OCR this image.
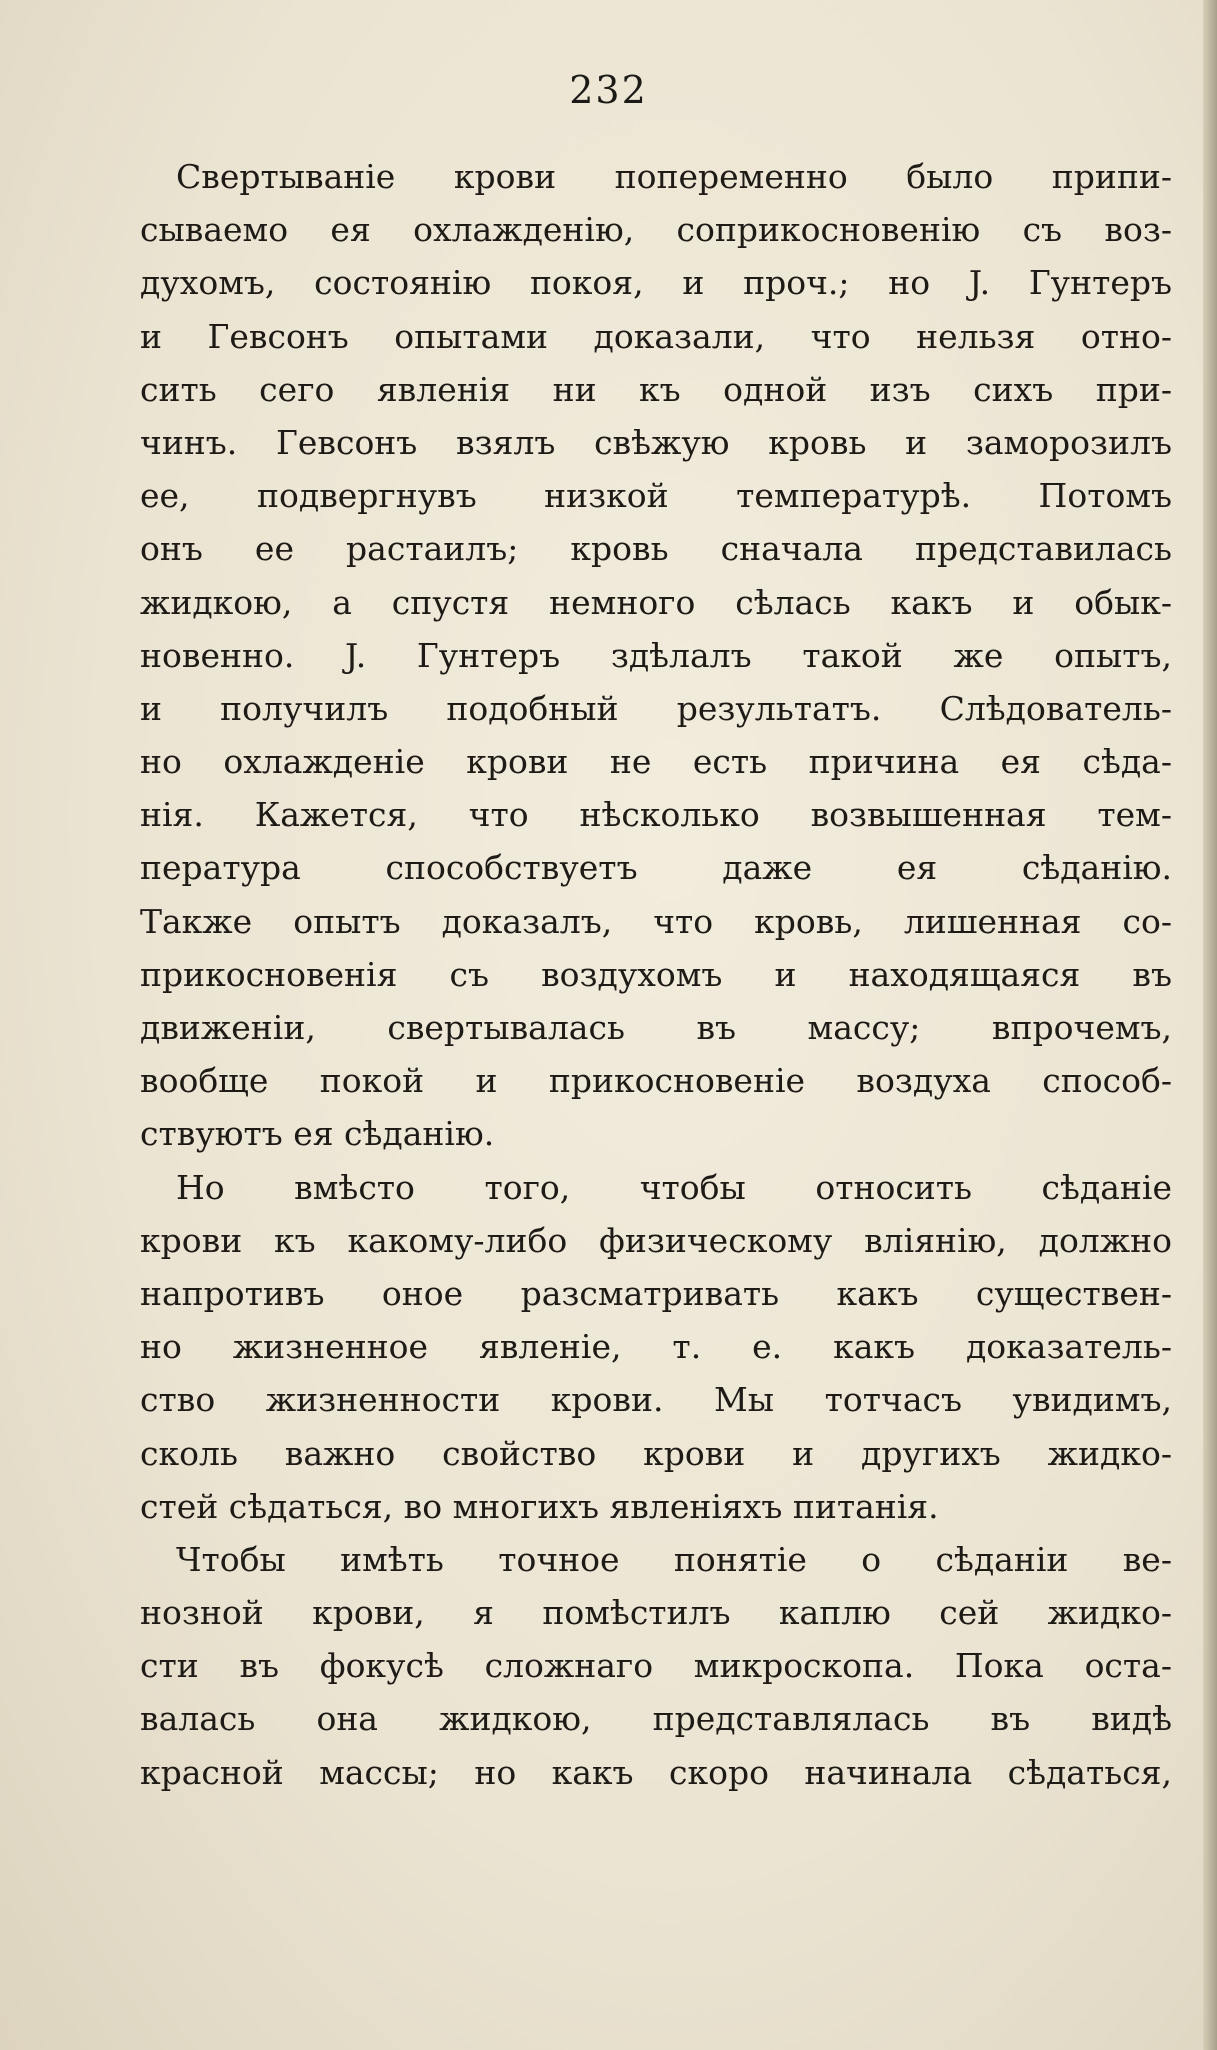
232
Свертыванiе крови попеременно было припи-
сываемо ея охлажденiю, соприкосновенiю съ воз-
духомъ, состоянiю покоя, и проч.; но J. Гунтеръ
и Гевсонъ опытами доказали, что нельзя отно-
сить сего явленiя ни къ одной изъ сихъ при-
чинъ. Гевсонъ взялъ свѣжую кровь и заморозилъ
ее, подвергнувъ низкой температурѣ. Потомъ
онъ ее растаилъ; кровь сначала представилась
жидкою, а спустя немного сѣлась какъ и обык-
новенно. J. Гунтеръ здѣлалъ такой же опытъ,
и получилъ подобный результатъ. Слѣдователь-
но охлажденiе крови не есть причина ея сѣда-
нiя. Кажется, что нѣсколько возвышенная тем-
пература способствуетъ даже ея сѣданiю.
Также опытъ доказалъ, что кровь, лишенная со-
прикосновенiя съ воздухомъ и находящаяся въ
движенiи, свертывалась въ массу; впрочемъ,
вообще покой и прикосновенiе воздуха способ-
ствуютъ ея сѣданiю.
Но вмѣсто того, чтобы относить сѣданiе
крови къ какому-либо физическому влiянiю, должно
напротивъ оное разсматривать какъ существен-
но жизненное явленiе, т. е. какъ доказатель-
ство жизненности крови. Мы тотчасъ увидимъ,
сколь важно свойство крови и другихъ жидко-
стей сѣдаться, во многихъ явленiяхъ питанiя.
Чтобы имѣть точное понятiе о сѣданiи ве-
нозной крови, я помѣстилъ каплю сей жидко-
сти въ фокусѣ сложнаго микроскопа. Пока оста-
валась она жидкою, представлялась въ видѣ
красной массы; но какъ скоро начинала сѣдаться,
